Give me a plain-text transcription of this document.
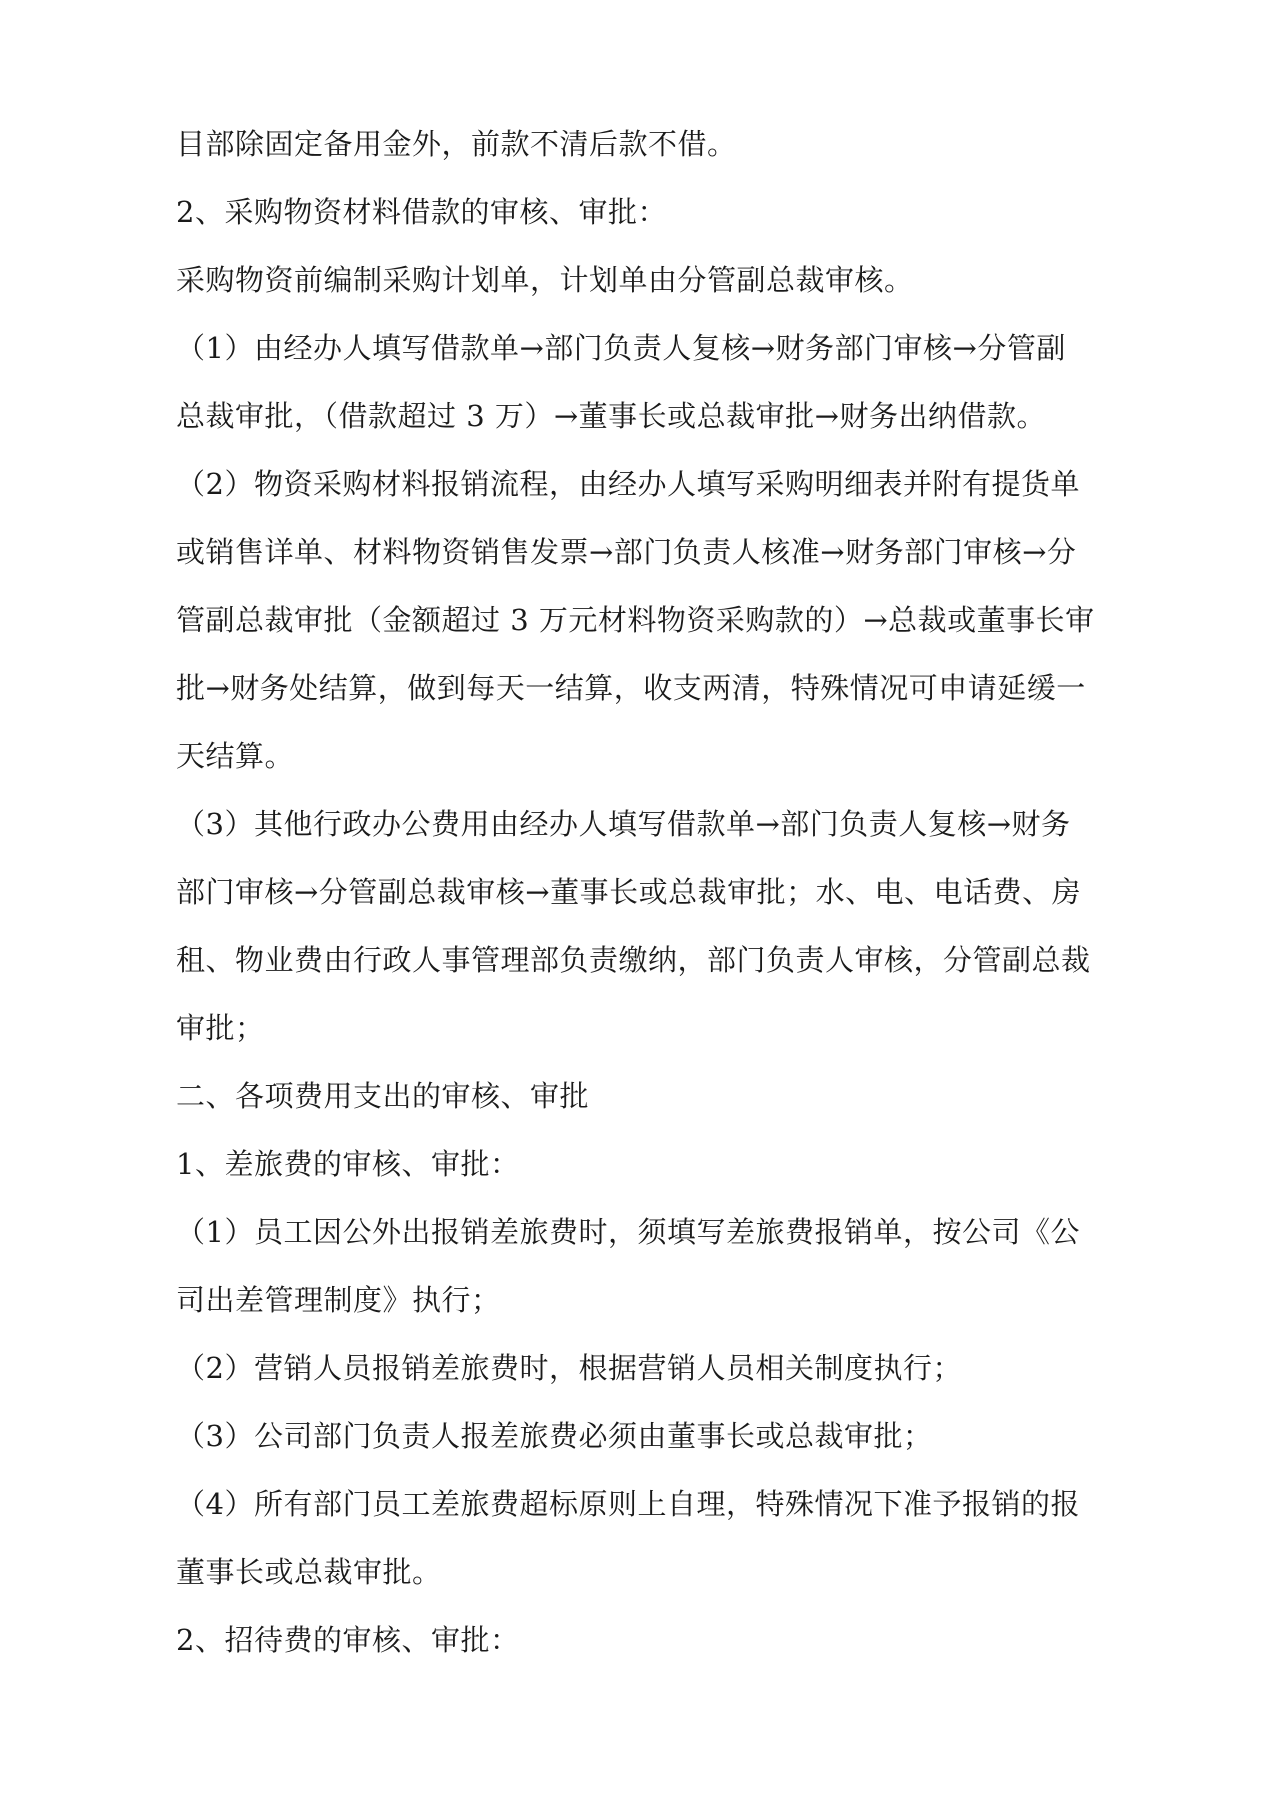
目部除固定备用金外，前款不清后款不借。
2、采购物资材料借款的审核、审批：
采购物资前编制采购计划单，计划单由分管副总裁审核。
（1）由经办人填写借款单→部门负责人复核→财务部门审核→分管副
总裁审批，（借款超过 3 万）→董事长或总裁审批→财务出纳借款。
（2）物资采购材料报销流程，由经办人填写采购明细表并附有提货单
或销售详单、材料物资销售发票→部门负责人核准→财务部门审核→分
管副总裁审批（金额超过 3 万元材料物资采购款的）→总裁或董事长审
批→财务处结算，做到每天一结算，收支两清，特殊情况可申请延缓一
天结算。
（3）其他行政办公费用由经办人填写借款单→部门负责人复核→财务
部门审核→分管副总裁审核→董事长或总裁审批；水、电、电话费、房
租、物业费由行政人事管理部负责缴纳，部门负责人审核，分管副总裁
审批；
二、各项费用支出的审核、审批
1、差旅费的审核、审批：
（1）员工因公外出报销差旅费时，须填写差旅费报销单，按公司《公
司出差管理制度》执行；
（2）营销人员报销差旅费时，根据营销人员相关制度执行；
（3）公司部门负责人报差旅费必须由董事长或总裁审批；
（4）所有部门员工差旅费超标原则上自理，特殊情况下准予报销的报
董事长或总裁审批。
2、招待费的审核、审批：
